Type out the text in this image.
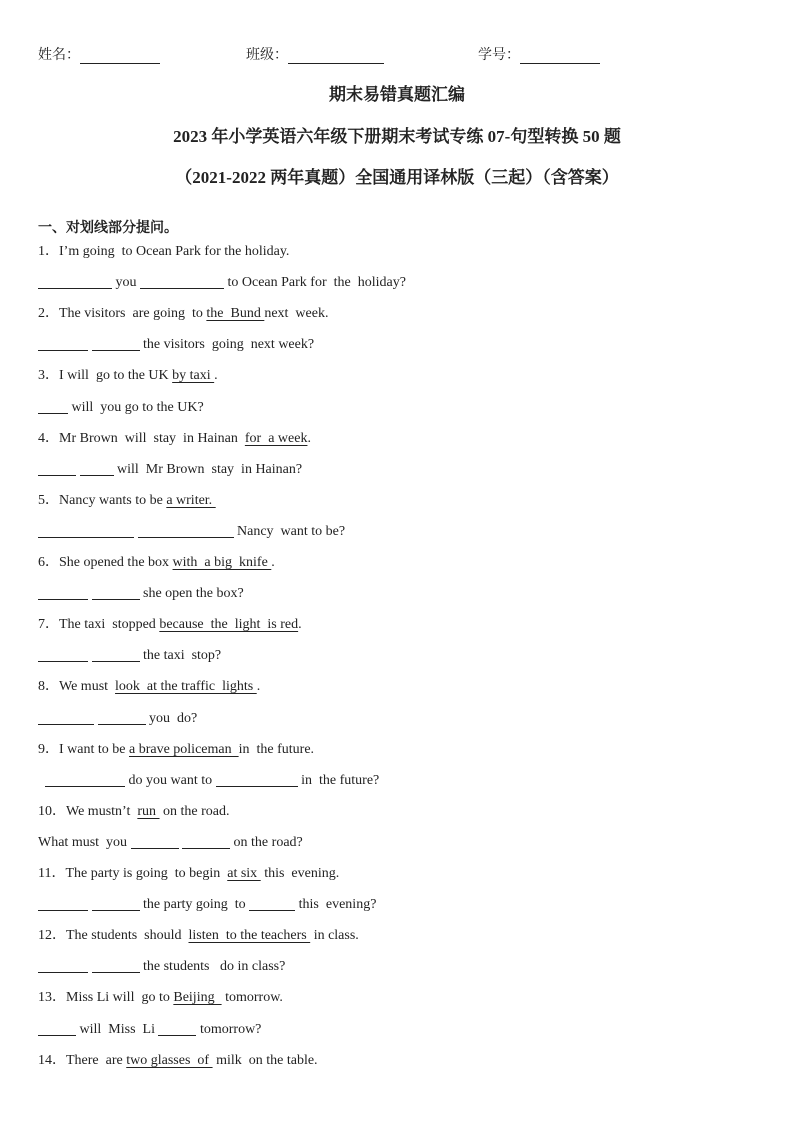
姓名：	班级：	学号：
期末易错真题汇编
2023 年小学英语六年级下册期末考试专练 07-句型转换 50 题
（2021-2022 两年真题）全国通用译林版（三起）（含答案）
一、对划线部分提问。
1．I’m going  to Ocean Park for the holiday.
you	to Ocean Park for  the  holiday?
2．The visitors  are going  to the  Bund next  week.
the visitors  going  next week?
3．I will  go to the UK by taxi .
will  you go to the UK?
4．Mr Brown  will  stay  in Hainan  for  a week.
will  Mr Brown  stay  in Hainan?
5．Nancy wants to be a writer.
Nancy  want to be?
6．She opened the box with  a big  knife .
she open the box?
7．The taxi  stopped because  the  light  is red.
the taxi  stop?
8．We must  look  at the traffic  lights .
you  do?
9．I want to be a brave policeman  in  the future.
do you want to	in  the future?
10．We mustn’t  run  on the road.
What must  you	on the road?
11．The party is going  to begin  at six  this  evening.
the party going  to	this  evening?
12．The students  should  listen  to the teachers  in class.
the students   do in class?
13．Miss Li will  go to Beijing   tomorrow.
will  Miss  Li	tomorrow?
14．There  are two glasses  of  milk  on the table.
